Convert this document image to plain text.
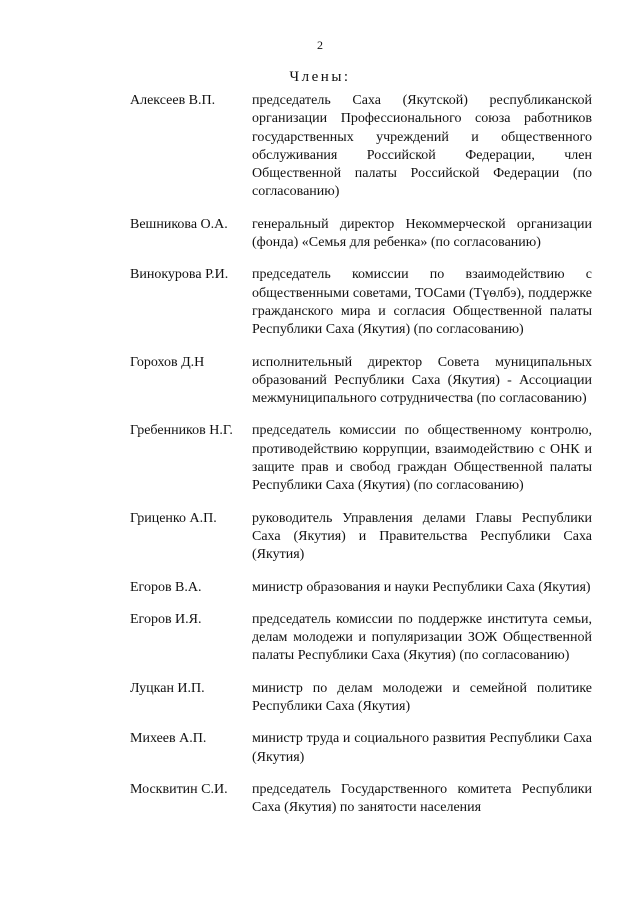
2
Члены:
Алексеев В.П.	председатель Саха (Якутской) республиканской организации Профессионального союза работников государственных учреждений и общественного обслуживания Российской Федерации, член Общественной палаты Российской Федерации (по согласованию)
Вешникова О.А.	генеральный директор Некоммерческой организации (фонда) «Семья для ребенка» (по согласованию)
Винокурова Р.И.	председатель комиссии по взаимодействию с общественными советами, ТОСами (Түөлбэ), поддержке гражданского мира и согласия Общественной палаты Республики Саха (Якутия) (по согласованию)
Горохов Д.Н	исполнительный директор Совета муниципальных образований Республики Саха (Якутия) - Ассоциации межмуниципального сотрудничества (по согласованию)
Гребенников Н.Г.	председатель комиссии по общественному контролю, противодействию коррупции, взаимодействию с ОНК и защите прав и свобод граждан Общественной палаты Республики Саха (Якутия) (по согласованию)
Гриценко А.П.	руководитель Управления делами Главы Республики Саха (Якутия) и Правительства Республики Саха (Якутия)
Егоров В.А.	министр образования и науки Республики Саха (Якутия)
Егоров И.Я.	председатель комиссии по поддержке института семьи, делам молодежи и популяризации ЗОЖ Общественной палаты Республики Саха (Якутия) (по согласованию)
Луцкан И.П.	министр по делам молодежи и семейной политике Республики Саха (Якутия)
Михеев А.П.	министр труда и социального развития Республики Саха (Якутия)
Москвитин С.И.	председатель Государственного комитета Республики Саха (Якутия) по занятости населения
